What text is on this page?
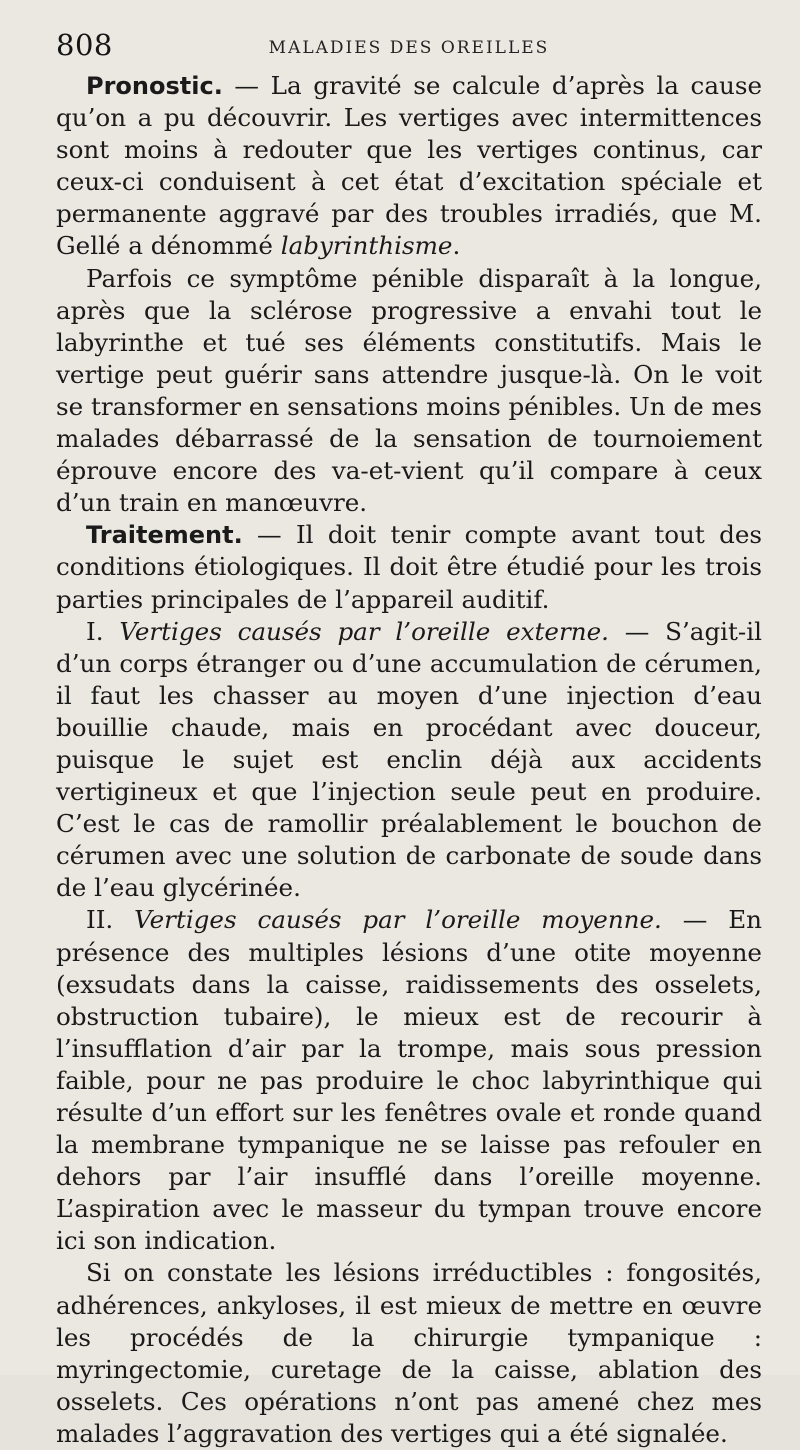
808	MALADIES DES OREILLES

Pronostic. — La gravité se calcule d’après la cause qu’on a pu découvrir. Les vertiges avec intermittences sont moins à redouter que les vertiges continus, car ceux-ci conduisent à cet état d’excitation spéciale et permanente aggravé par des troubles irradiés, que M. Gellé a dénommé labyrinthisme.

Parfois ce symptôme pénible disparaît à la longue, après que la sclérose progressive a envahi tout le labyrinthe et tué ses éléments constitutifs. Mais le vertige peut guérir sans attendre jusque-là. On le voit se transformer en sensations moins pénibles. Un de mes malades débarrassé de la sensation de tournoiement éprouve encore des va-et-vient qu’il compare à ceux d’un train en manœuvre.

Traitement. — Il doit tenir compte avant tout des conditions étiologiques. Il doit être étudié pour les trois parties principales de l’appareil auditif.

I. Vertiges causés par l’oreille externe. — S’agit-il d’un corps étranger ou d’une accumulation de cérumen, il faut les chasser au moyen d’une injection d’eau bouillie chaude, mais en procédant avec douceur, puisque le sujet est enclin déjà aux accidents vertigineux et que l’injection seule peut en produire. C’est le cas de ramollir préalablement le bouchon de cérumen avec une solution de carbonate de soude dans de l’eau glycérinée.

II. Vertiges causés par l’oreille moyenne. — En présence des multiples lésions d’une otite moyenne (exsudats dans la caisse, raidissements des osselets, obstruction tubaire), le mieux est de recourir à l’insufflation d’air par la trompe, mais sous pression faible, pour ne pas produire le choc labyrinthique qui résulte d’un effort sur les fenêtres ovale et ronde quand la membrane tympanique ne se laisse pas refouler en dehors par l’air insufflé dans l’oreille moyenne. L’aspiration avec le masseur du tympan trouve encore ici son indication.

Si on constate les lésions irréductibles : fongosités, adhérences, ankyloses, il est mieux de mettre en œuvre les procédés de la chirurgie tympanique : myringectomie, curetage de la caisse, ablation des osselets. Ces opérations n’ont pas amené chez mes malades l’aggravation des vertiges qui a été signalée.
